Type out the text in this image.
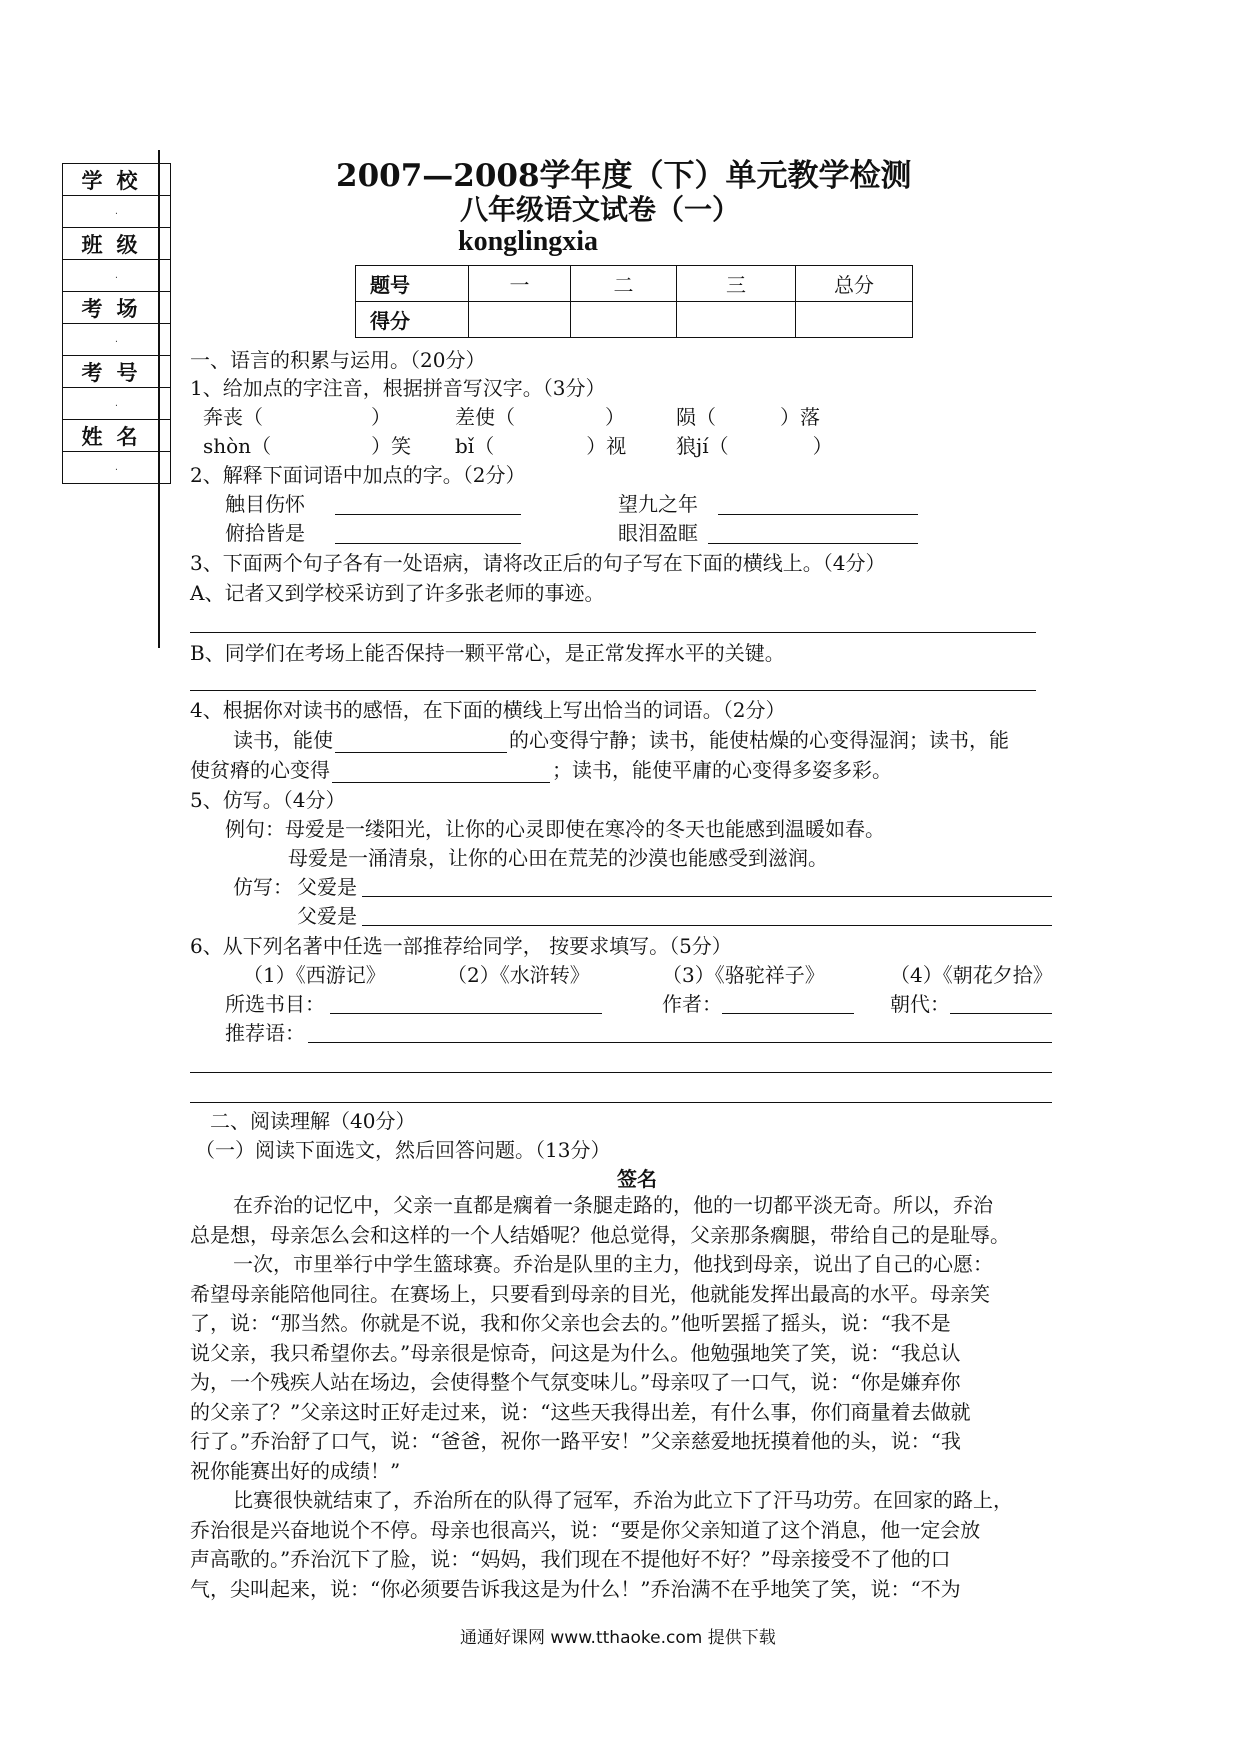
学校
.
班级
.
考场
.
考号
.
姓名
.
2007—2008学年度（下）单元教学检测
八年级语文试卷（一）
konglingxia
题号	一	二	三	总分
得分				
一、语言的积累与运用。（20分）
1、给加点的字注音，根据拼音写汉字。（3分）
奔丧（	）	差使（	）	陨（	）落
shòn（	）笑 bǐ（	）视 狼jí（	）
2、解释下面词语中加点的字。（2分）
触目伤怀	望九之年
俯拾皆是	眼泪盈眶
3、下面两个句子各有一处语病，请将改正后的句子写在下面的横线上。（4分）
A、记者又到学校采访到了许多张老师的事迹。
B、同学们在考场上能否保持一颗平常心，是正常发挥水平的关键。
4、根据你对读书的感悟，在下面的横线上写出恰当的词语。（2分）
读书，能使	的心变得宁静；读书，能使枯燥的心变得湿润；读书，能
使贫瘠的心变得	；读书，能使平庸的心变得多姿多彩。
5、仿写。（4分）
例句：母爱是一缕阳光，让你的心灵即使在寒冷的冬天也能感到温暖如春。
母爱是一涌清泉，让你的心田在荒芜的沙漠也能感受到滋润。
仿写： 父爱是
父爱是
6、从下列名著中任选一部推荐给同学， 按要求填写。（5分）
（1）《西游记》	（2）《水浒转》	（3）《骆驼祥子》	（4）《朝花夕拾》
所选书目：	作者：	朝代：
推荐语：
二、阅读理解（40分）
（一）阅读下面选文，然后回答问题。（13分）
签名
在乔治的记忆中，父亲一直都是瘸着一条腿走路的，他的一切都平淡无奇。所以，乔治
总是想，母亲怎么会和这样的一个人结婚呢？他总觉得，父亲那条瘸腿，带给自己的是耻辱。
一次，市里举行中学生篮球赛。乔治是队里的主力，他找到母亲，说出了自己的心愿：
希望母亲能陪他同往。在赛场上，只要看到母亲的目光，他就能发挥出最高的水平。母亲笑
了，说：“那当然。你就是不说，我和你父亲也会去的。”他听罢摇了摇头，说：“我不是
说父亲，我只希望你去。”母亲很是惊奇，问这是为什么。他勉强地笑了笑，说：“我总认
为，一个残疾人站在场边，会使得整个气氛变味儿。”母亲叹了一口气，说：“你是嫌弃你
的父亲了？”父亲这时正好走过来，说：“这些天我得出差，有什么事，你们商量着去做就
行了。”乔治舒了口气，说：“爸爸，祝你一路平安！”父亲慈爱地抚摸着他的头，说：“我
祝你能赛出好的成绩！”
比赛很快就结束了，乔治所在的队得了冠军，乔治为此立下了汗马功劳。在回家的路上，
乔治很是兴奋地说个不停。母亲也很高兴，说：“要是你父亲知道了这个消息，他一定会放
声高歌的。”乔治沉下了脸，说：“妈妈，我们现在不提他好不好？”母亲接受不了他的口
气，尖叫起来，说：“你必须要告诉我这是为什么！”乔治满不在乎地笑了笑，说：“不为
通通好课网 www.tthaoke.com 提供下载
